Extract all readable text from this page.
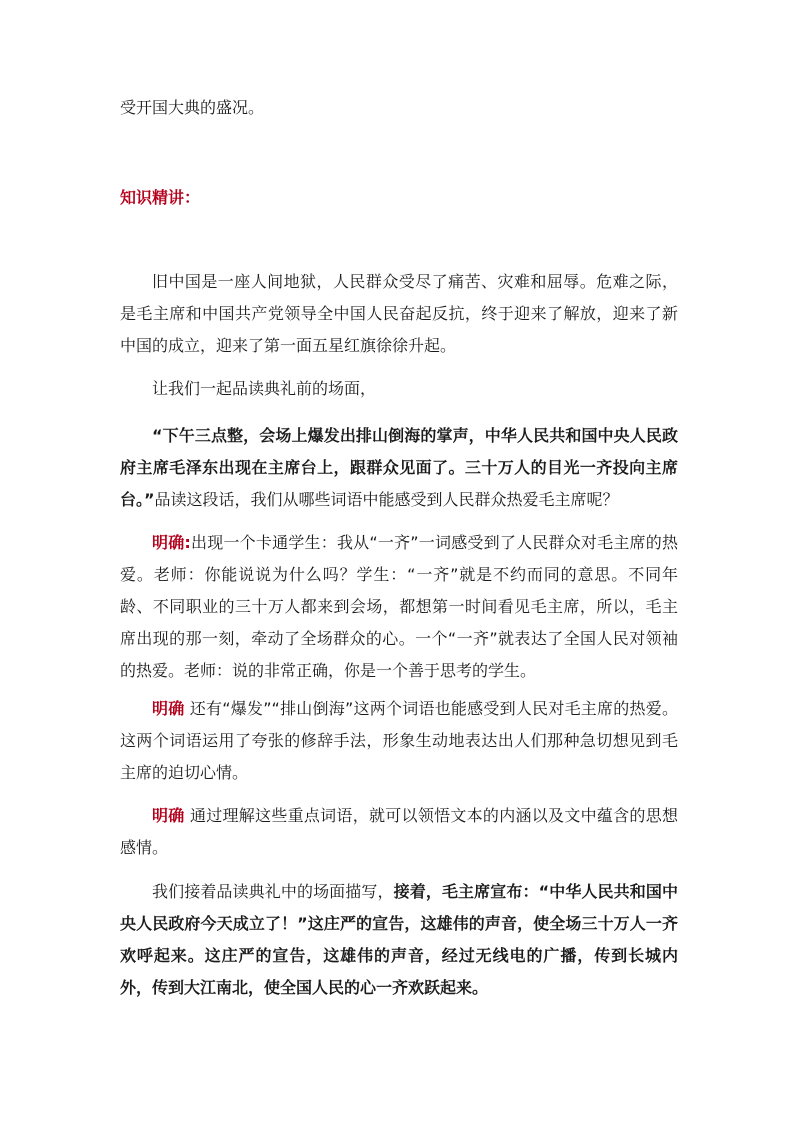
受开国大典的盛况。

知识精讲：

旧中国是一座人间地狱，人民群众受尽了痛苦、灾难和屈辱。危难之际，是毛主席和中国共产党领导全中国人民奋起反抗，终于迎来了解放，迎来了新中国的成立，迎来了第一面五星红旗徐徐升起。

让我们一起品读典礼前的场面，

“下午三点整，会场上爆发出排山倒海的掌声，中华人民共和国中央人民政府主席毛泽东出现在主席台上，跟群众见面了。三十万人的目光一齐投向主席台。”品读这段话，我们从哪些词语中能感受到人民群众热爱毛主席呢？

明确:出现一个卡通学生：我从“一齐”一词感受到了人民群众对毛主席的热爱。老师：你能说说为什么吗？学生：“一齐”就是不约而同的意思。不同年龄、不同职业的三十万人都来到会场，都想第一时间看见毛主席，所以，毛主席出现的那一刻，牵动了全场群众的心。一个“一齐”就表达了全国人民对领袖的热爱。老师：说的非常正确，你是一个善于思考的学生。

明确 还有“爆发”“排山倒海”这两个词语也能感受到人民对毛主席的热爱。这两个词语运用了夸张的修辞手法，形象生动地表达出人们那种急切想见到毛主席的迫切心情。

明确 通过理解这些重点词语，就可以领悟文本的内涵以及文中蕴含的思想感情。

我们接着品读典礼中的场面描写，接着，毛主席宣布：“中华人民共和国中央人民政府今天成立了！”这庄严的宣告，这雄伟的声音，使全场三十万人一齐欢呼起来。这庄严的宣告，这雄伟的声音，经过无线电的广播，传到长城内外，传到大江南北，使全国人民的心一齐欢跃起来。
